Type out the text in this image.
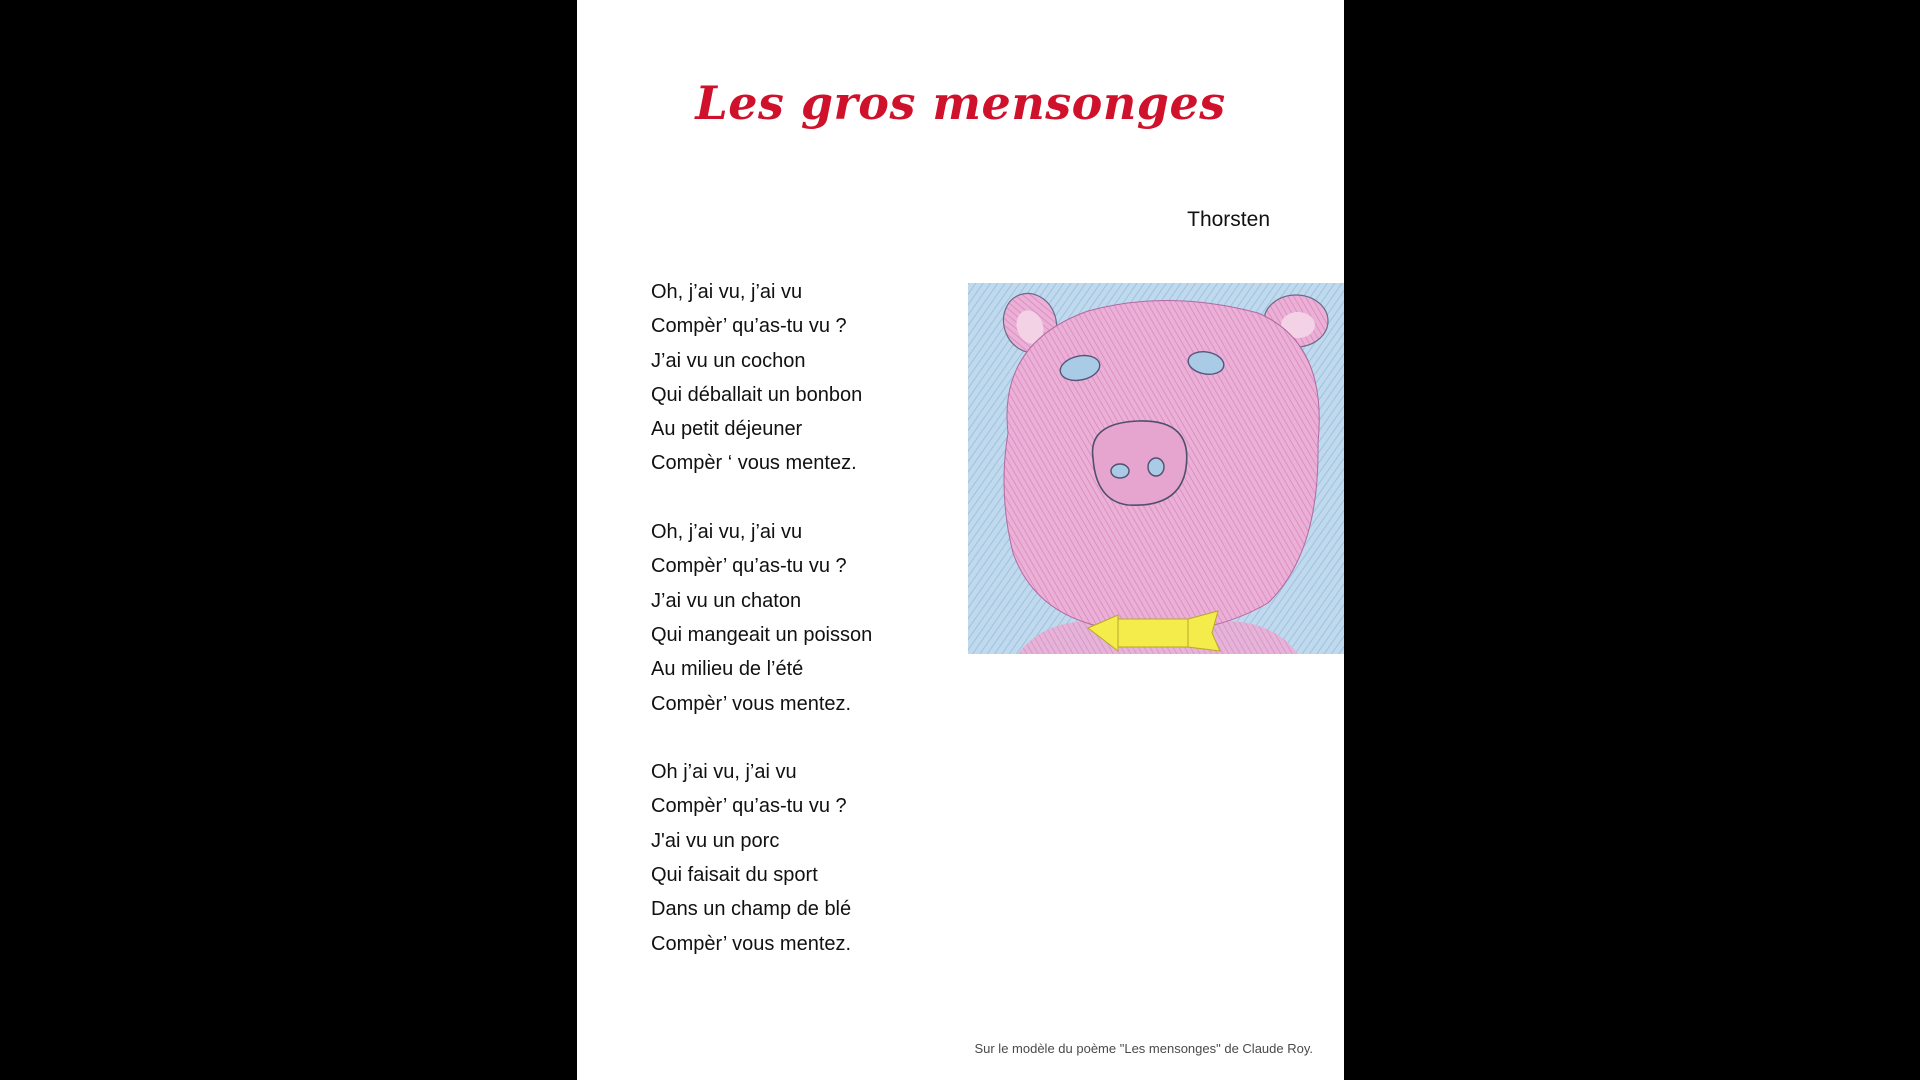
Les gros mensonges

Thorsten

Oh, j’ai vu, j’ai vu
Compèr’ qu’as-tu vu ?
J’ai vu un cochon
Qui déballait un bonbon
Au petit déjeuner
Compèr ‘ vous mentez.
Oh, j’ai vu, j’ai vu
Compèr’ qu’as-tu vu ?
J’ai vu un chaton
Qui mangeait un poisson
Au milieu de l’été
Compèr’ vous mentez.
Oh j’ai vu, j’ai vu
Compèr’ qu’as-tu vu ?
J'ai vu un porc
Qui faisait du sport
Dans un champ de blé
Compèr’ vous mentez.

Sur le modèle du poème "Les mensonges" de Claude Roy.
